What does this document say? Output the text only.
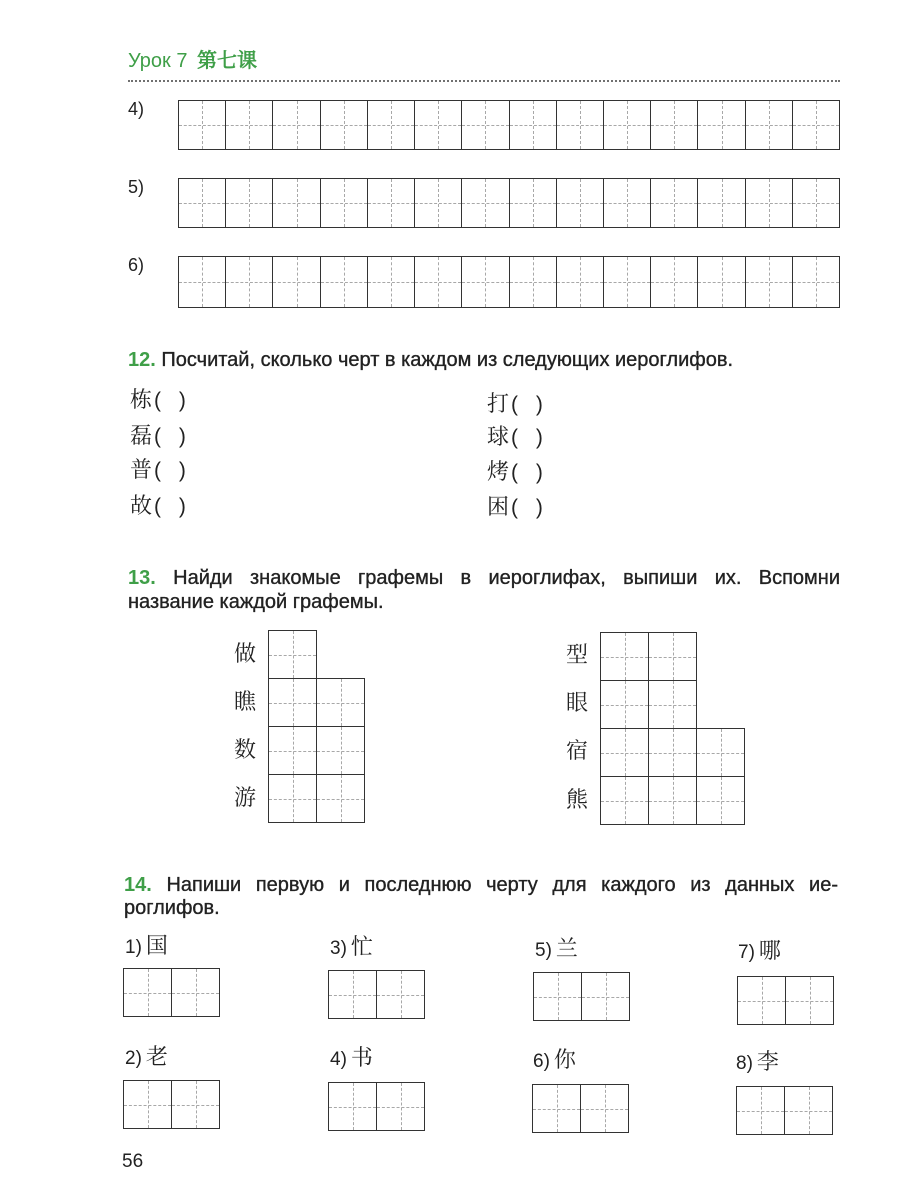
Урок 7 第七课
4)
5)
6)
12. Посчитай, сколько черт в каждом из следующих иероглифов.
栋( )
磊( )
普( )
故( )
打( )
球( )
烤( )
困( )
13. Найди знакомые графемы в иероглифах, выпиши их. Вспомни
название каждой графемы.
做
瞧
数
游
型
眼
宿
熊
14. Напиши первую и последнюю черту для каждого из данных ие-
роглифов.
1) 国	3) 忙	5) 兰	7) 哪
2) 老	4) 书	6) 你	8) 李
56
